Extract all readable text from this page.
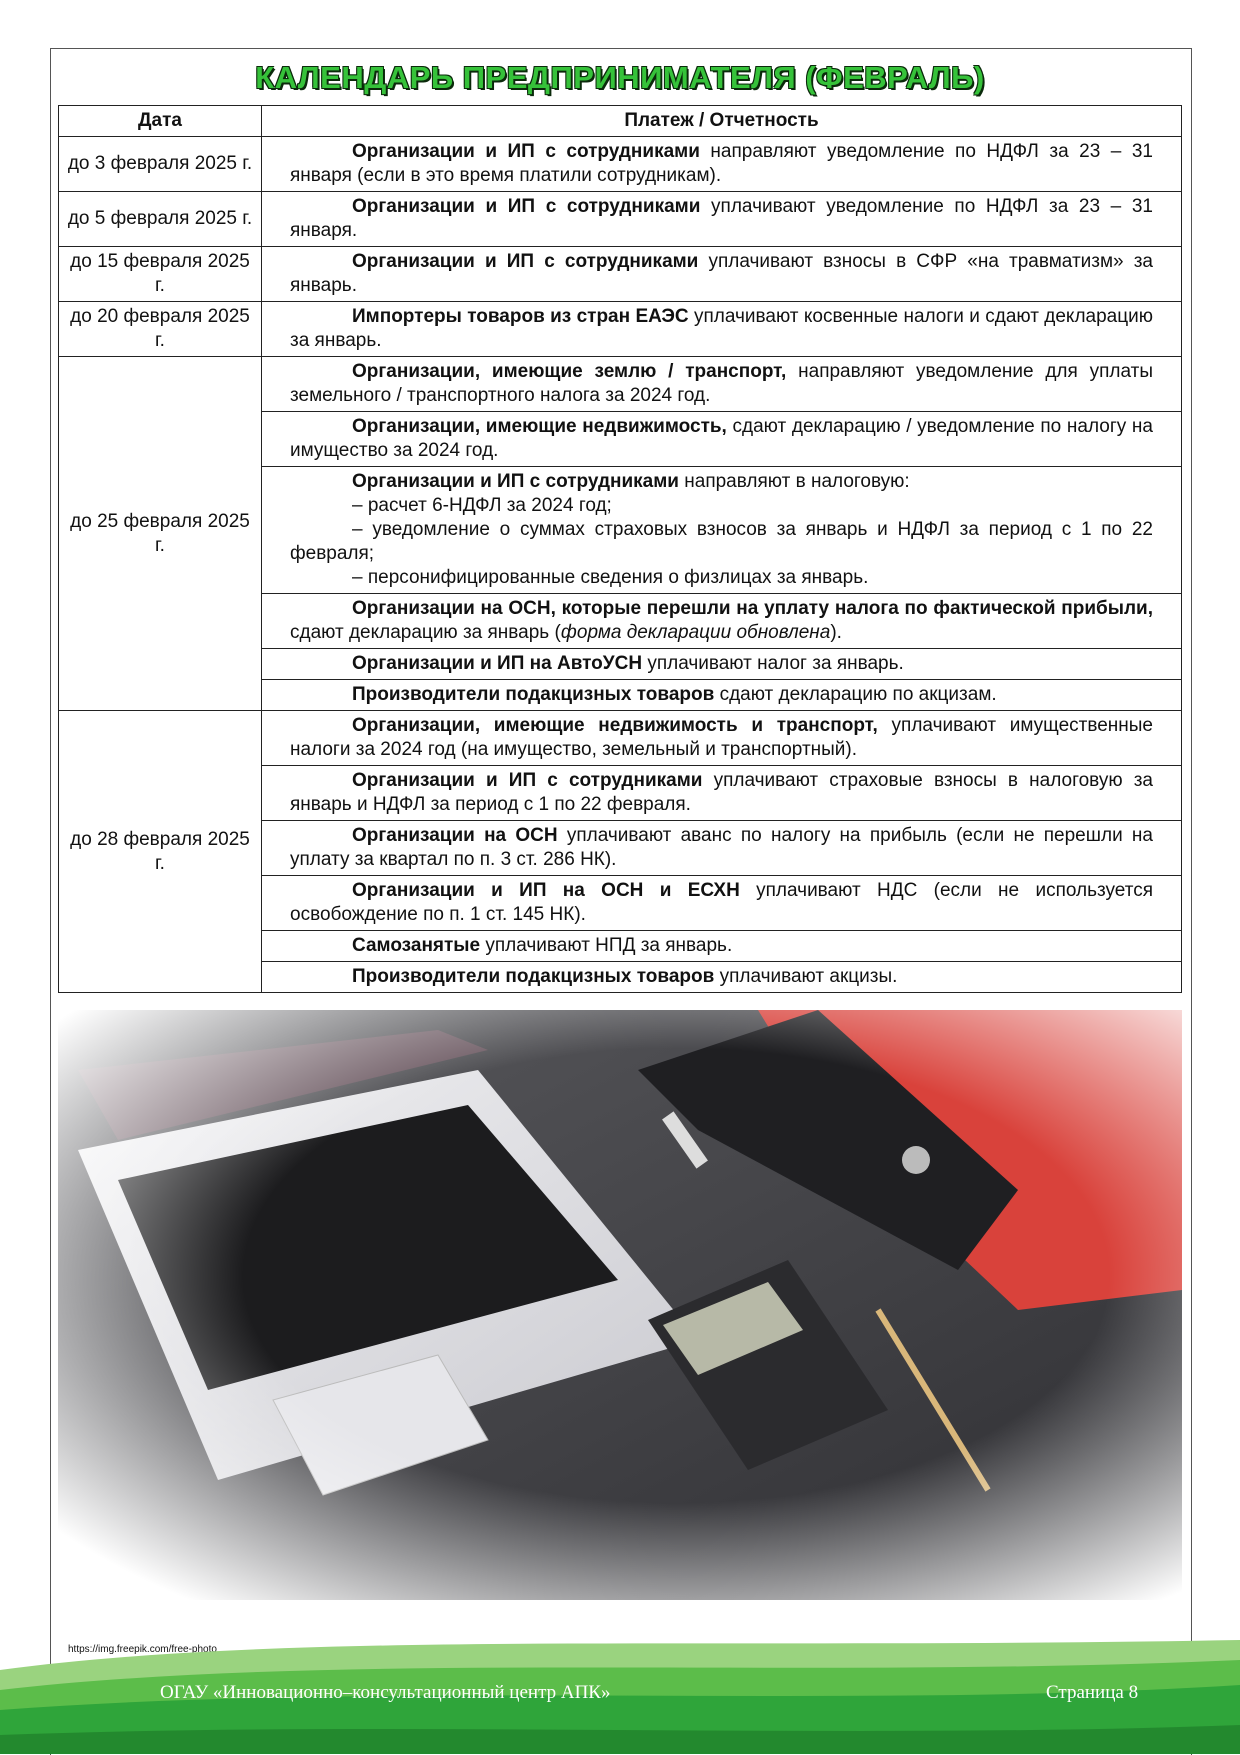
КАЛЕНДАРЬ ПРЕДПРИНИМАТЕЛЯ (ФЕВРАЛЬ)
Дата	Платеж / Отчетность
до 3 февраля 2025 г.	Организации и ИП с сотрудниками направляют уведомление по НДФЛ за 23 – 31 января (если в это время платили сотрудникам).
до 5 февраля 2025 г.	Организации и ИП с сотрудниками уплачивают уведомление по НДФЛ за 23 – 31 января.
до 15 февраля 2025 г.	Организации и ИП с сотрудниками уплачивают взносы в СФР «на травматизм» за январь.
до 20 февраля 2025 г.	Импортеры товаров из стран ЕАЭС уплачивают косвенные налоги и сдают декларацию за январь.
до 25 февраля 2025 г.	Организации, имеющие землю / транспорт, направляют уведомление для уплаты земельного / транспортного налога за 2024 год.
	Организации, имеющие недвижимость, сдают декларацию / уведомление по налогу на имущество за 2024 год.
	Организации и ИП с сотрудниками направляют в налоговую:
– расчет 6-НДФЛ за 2024 год;
– уведомление о суммах страховых взносов за январь и НДФЛ за период с 1 по 22 февраля;
– персонифицированные сведения о физлицах за январь.

	Организации на ОСН, которые перешли на уплату налога по фактической прибыли, сдают декларацию за январь (форма декларации обновлена).
	Организации и ИП на АвтоУСН уплачивают налог за январь.
	Производители подакцизных товаров сдают декларацию по акцизам.
до 28 февраля 2025 г.	Организации, имеющие недвижимость и транспорт, уплачивают имущественные налоги за 2024 год (на имущество, земельный и транспортный).
	Организации и ИП с сотрудниками уплачивают страховые взносы в налоговую за январь и НДФЛ за период с 1 по 22 февраля.
	Организации на ОСН уплачивают аванс по налогу на прибыль (если не перешли на уплату за квартал по п. 3 ст. 286 НК).
	Организации и ИП на ОСН и ЕСХН уплачивают НДС (если не используется освобождение по п. 1 ст. 145 НК).
	Самозанятые уплачивают НПД за январь.
	Производители подакцизных товаров уплачивают акцизы.
https://img.freepik.com/free-photo
ОГАУ «Инновационно–консультационный центр АПК»	Страница 8
